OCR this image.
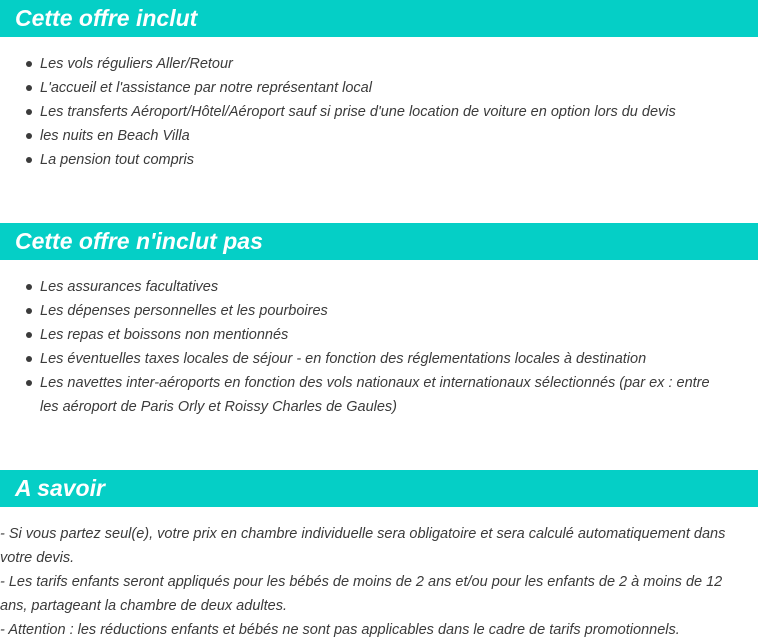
Cette offre inclut
Les vols réguliers Aller/Retour
L'accueil et l'assistance par notre représentant local
Les transferts Aéroport/Hôtel/Aéroport sauf si prise d'une location de voiture en option lors du devis
les nuits en Beach Villa
La pension tout compris
Cette offre n'inclut pas
Les assurances facultatives
Les dépenses personnelles et les pourboires
Les repas et boissons non mentionnés
Les éventuelles taxes locales de séjour - en fonction des réglementations locales à destination
Les navettes inter-aéroports en fonction des vols nationaux et internationaux sélectionnés (par ex : entre les aéroport de Paris Orly et Roissy Charles de Gaules)
A savoir

- Si vous partez seul(e), votre prix en chambre individuelle sera obligatoire et sera calculé automatiquement dans votre devis.

- Les tarifs enfants seront appliqués pour les bébés de moins de 2 ans et/ou pour les enfants de 2 à moins de 12 ans, partageant la chambre de deux adultes.

- Attention : les réductions enfants et bébés ne sont pas applicables dans le cadre de tarifs promotionnels.
